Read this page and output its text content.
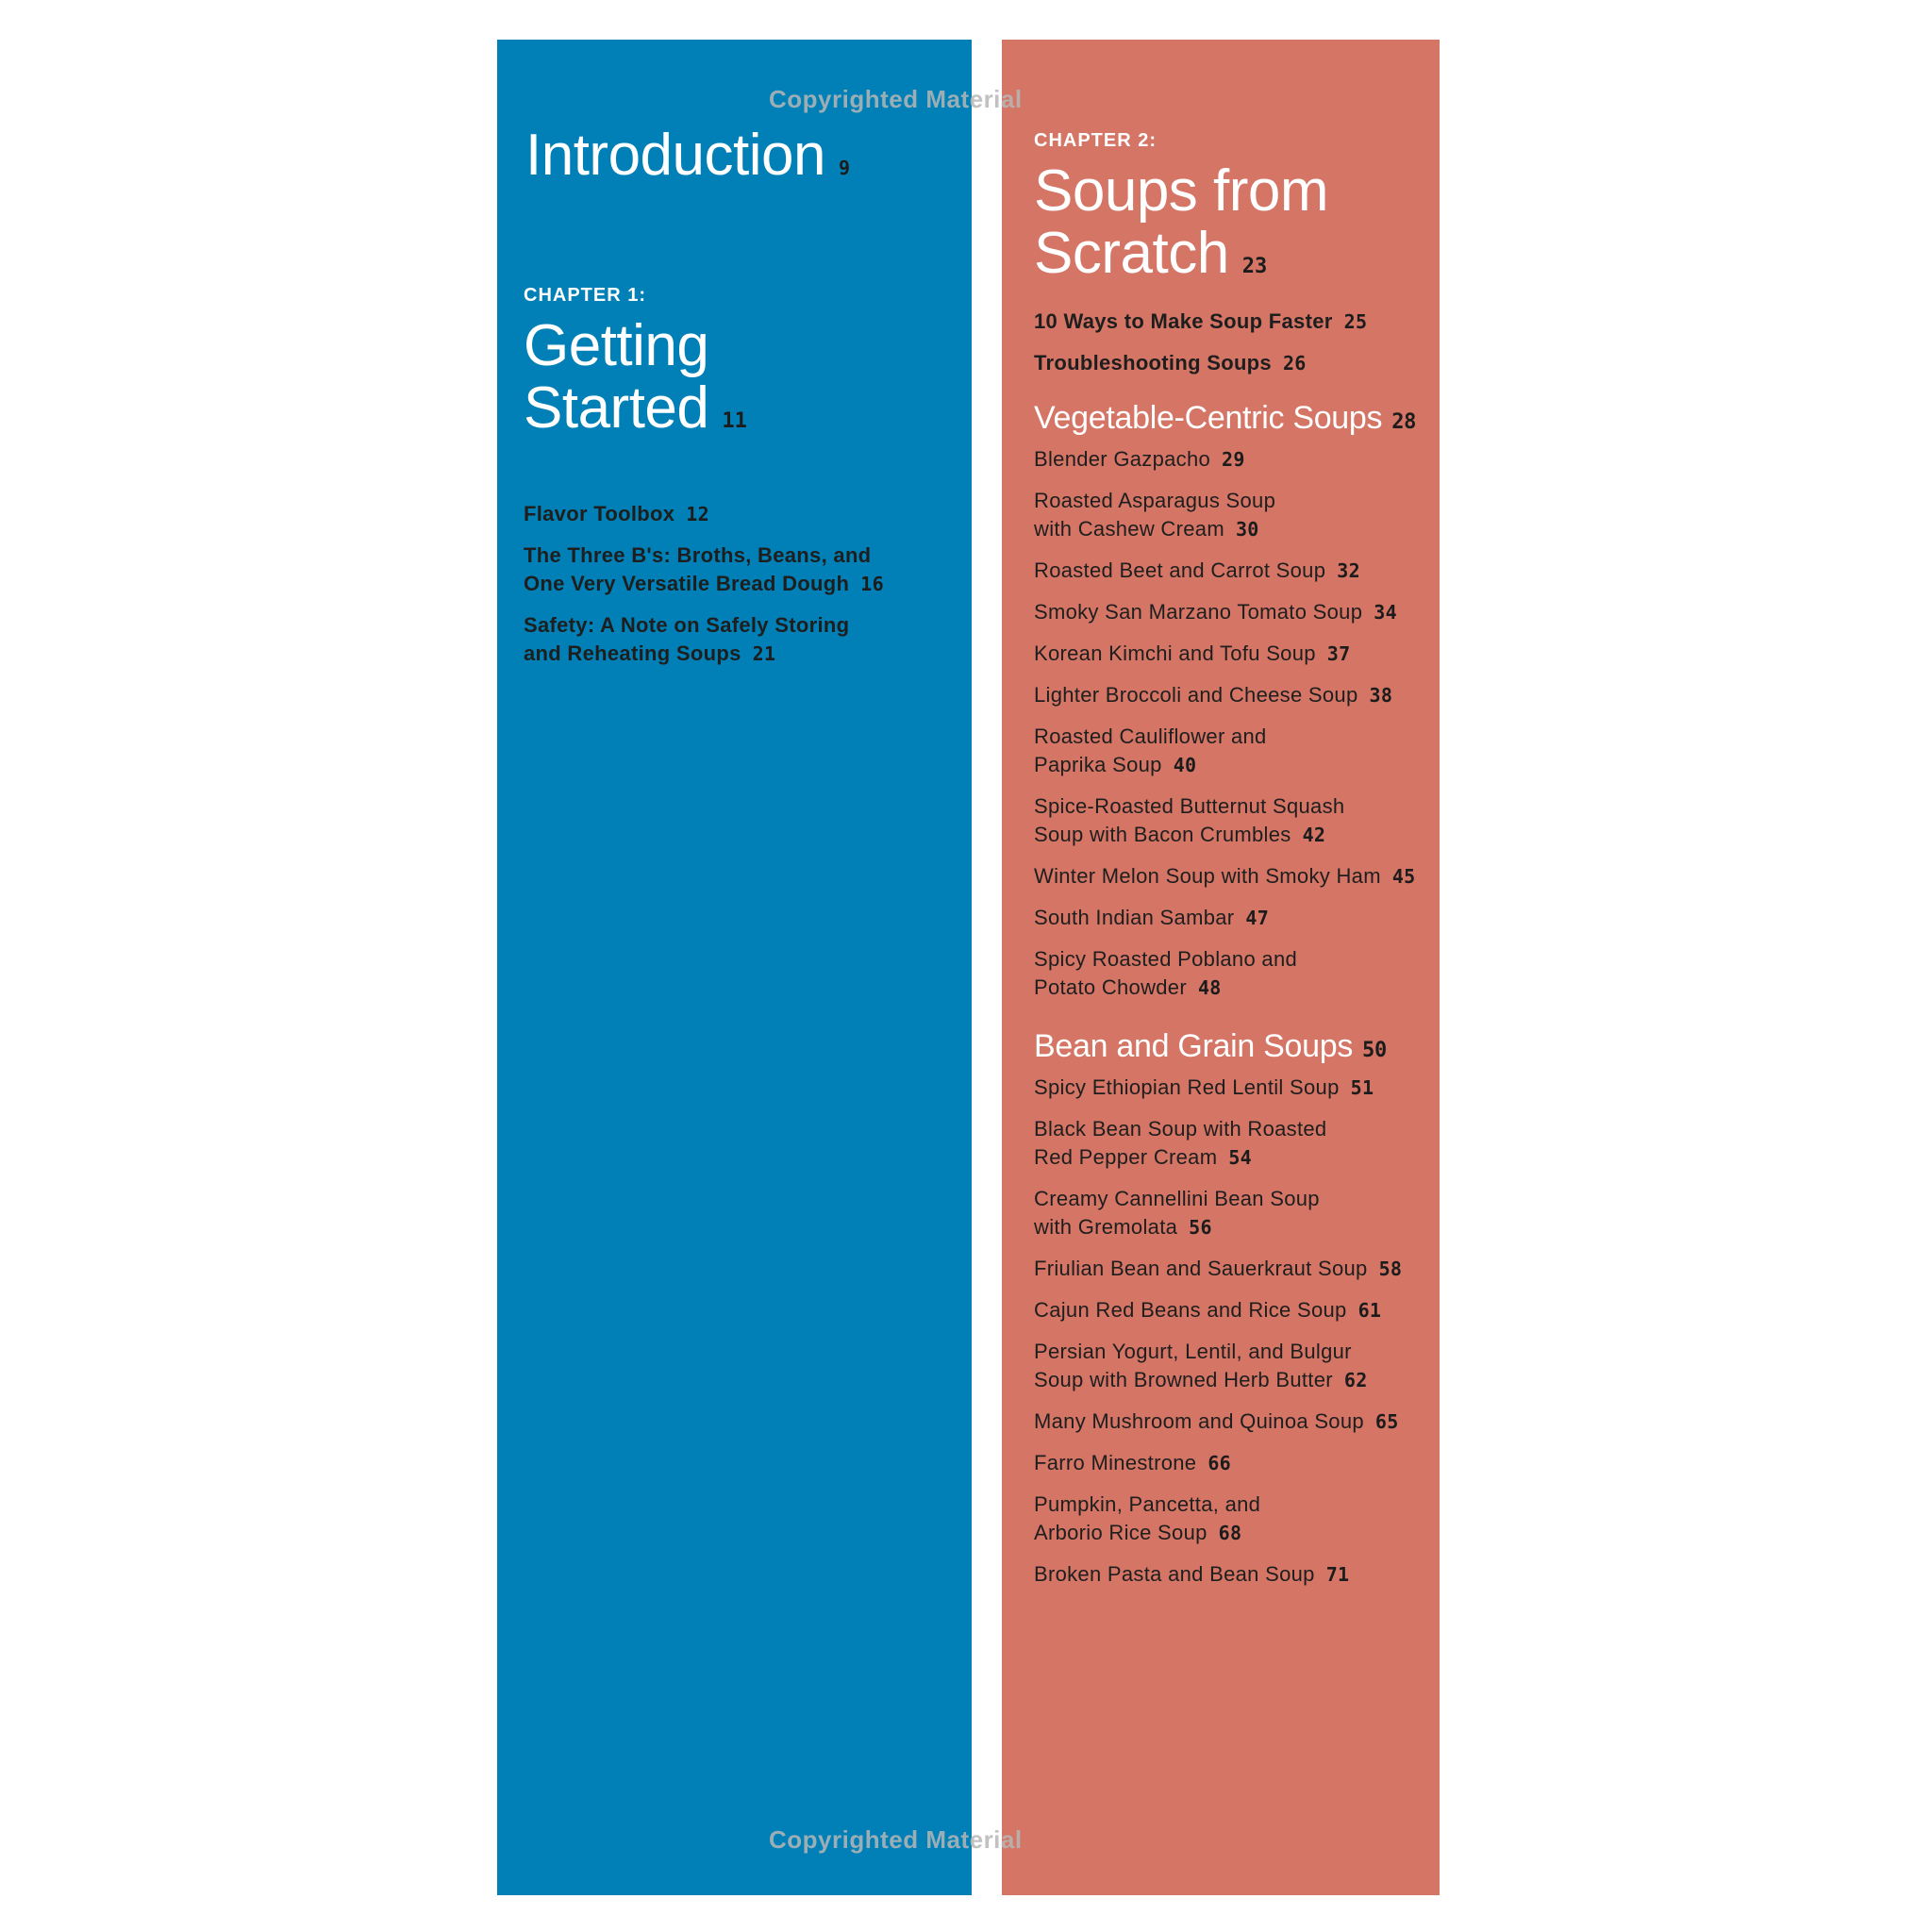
Introduction 9
CHAPTER 1:
Getting
Started 11
Flavor Toolbox 12
The Three B's: Broths, Beans, and
One Very Versatile Bread Dough 16
Safety: A Note on Safely Storing
and Reheating Soups 21
CHAPTER 2:
Soups from
Scratch 23
10 Ways to Make Soup Faster 25
Troubleshooting Soups 26
Vegetable-Centric Soups 28
Blender Gazpacho 29
Roasted Asparagus Soup
with Cashew Cream 30
Roasted Beet and Carrot Soup 32
Smoky San Marzano Tomato Soup 34
Korean Kimchi and Tofu Soup 37
Lighter Broccoli and Cheese Soup 38
Roasted Cauliflower and
Paprika Soup 40
Spice-Roasted Butternut Squash
Soup with Bacon Crumbles 42
Winter Melon Soup with Smoky Ham 45
South Indian Sambar 47
Spicy Roasted Poblano and
Potato Chowder 48
Bean and Grain Soups 50
Spicy Ethiopian Red Lentil Soup 51
Black Bean Soup with Roasted
Red Pepper Cream 54
Creamy Cannellini Bean Soup
with Gremolata 56
Friulian Bean and Sauerkraut Soup 58
Cajun Red Beans and Rice Soup 61
Persian Yogurt, Lentil, and Bulgur
Soup with Browned Herb Butter 62
Many Mushroom and Quinoa Soup 65
Farro Minestrone 66
Pumpkin, Pancetta, and
Arborio Rice Soup 68
Broken Pasta and Bean Soup 71
Copyrighted Material
Copyrighted Material
